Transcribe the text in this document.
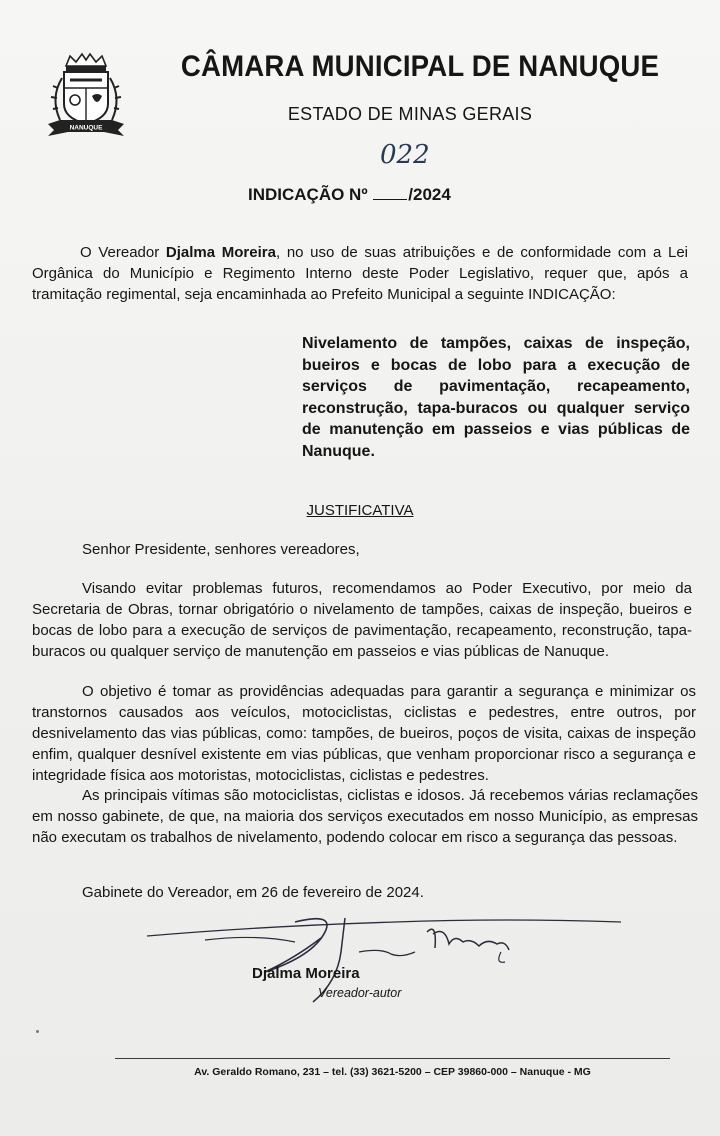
NANUQUE
CÂMARA MUNICIPAL DE NANUQUE
ESTADO DE MINAS GERAIS
022
INDICAÇÃO Nº /2024
O Vereador Djalma Moreira, no uso de suas atribuições e de conformidade com a Lei Orgânica do Município e Regimento Interno deste Poder Legislativo, requer que, após a tramitação regimental, seja encaminhada ao Prefeito Municipal a seguinte INDICAÇÃO:
Nivelamento de tampões, caixas de inspeção, bueiros e bocas de lobo para a execução de serviços de pavimentação, recapeamento, reconstrução, tapa-buracos ou qualquer serviço de manutenção em passeios e vias públicas de Nanuque.
JUSTIFICATIVA
Senhor Presidente, senhores vereadores,
Visando evitar problemas futuros, recomendamos ao Poder Executivo, por meio da Secretaria de Obras, tornar obrigatório o nivelamento de tampões, caixas de inspeção, bueiros e bocas de lobo para a execução de serviços de pavimentação, recapeamento, reconstrução, tapa-buracos ou qualquer serviço de manutenção em passeios e vias públicas de Nanuque.
O objetivo é tomar as providências adequadas para garantir a segurança e minimizar os transtornos causados aos veículos, motociclistas, ciclistas e pedestres, entre outros, por desnivelamento das vias públicas, como: tampões, de bueiros, poços de visita, caixas de inspeção enfim, qualquer desnível existente em vias públicas, que venham proporcionar risco a segurança e integridade física aos motoristas, motociclistas, ciclistas e pedestres.
As principais vítimas são motociclistas, ciclistas e idosos. Já recebemos várias reclamações em nosso gabinete, de que, na maioria dos serviços executados em nosso Município, as empresas não executam os trabalhos de nivelamento, podendo colocar em risco a segurança das pessoas.
Gabinete do Vereador, em 26 de fevereiro de 2024.
Djalma Moreira
Vereador-autor
Av. Geraldo Romano, 231 – tel. (33) 3621-5200 – CEP 39860-000 – Nanuque - MG
